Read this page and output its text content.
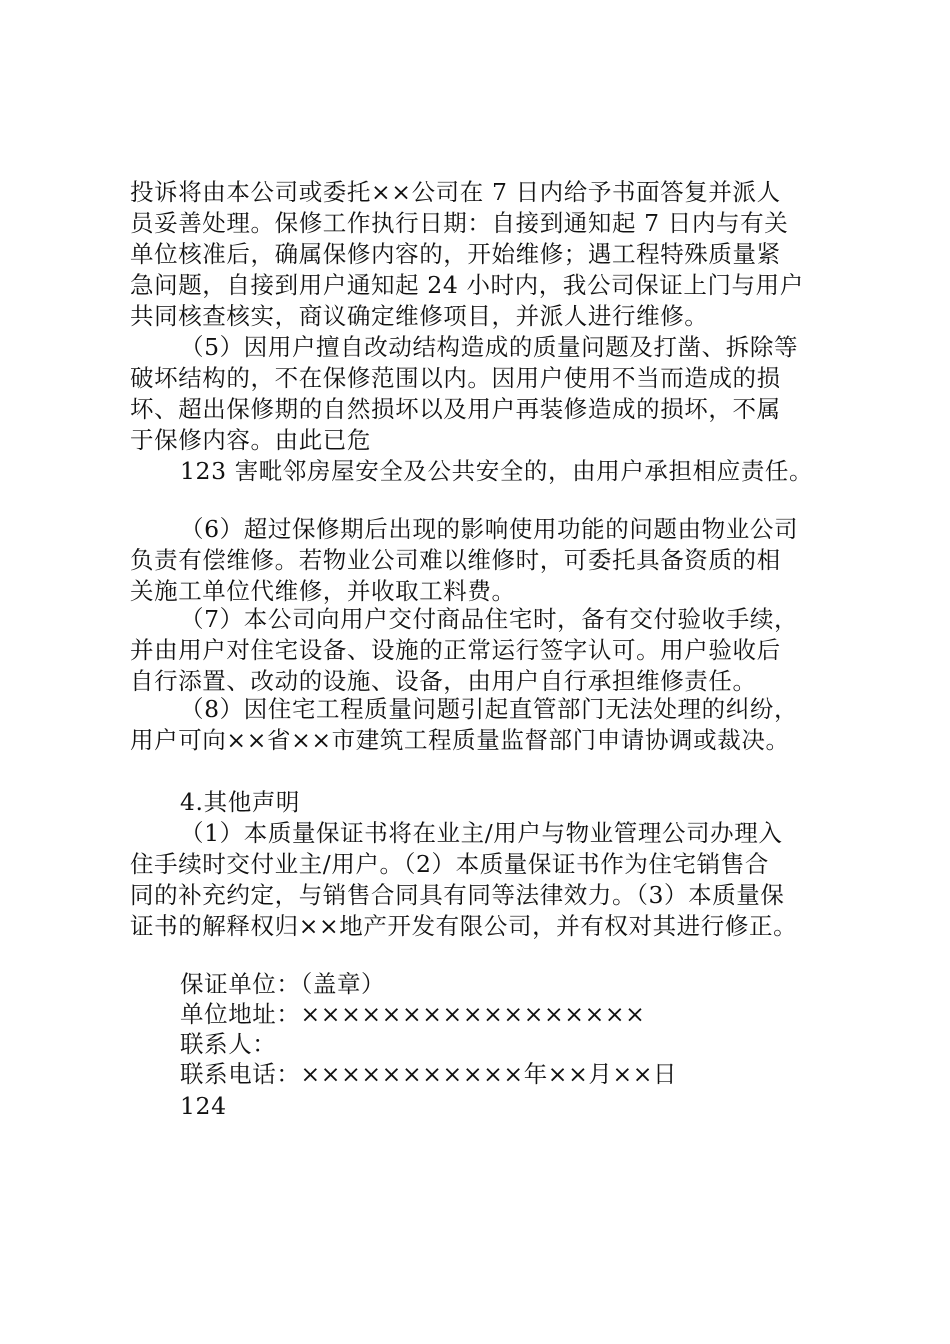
投诉将由本公司或委托××公司在 7 日内给予书面答复并派人
员妥善处理。保修工作执行日期：自接到通知起 7 日内与有关
单位核准后，确属保修内容的，开始维修；遇工程特殊质量紧
急问题，自接到用户通知起 24 小时内，我公司保证上门与用户
共同核查核实，商议确定维修项目，并派人进行维修。
（5）因用户擅自改动结构造成的质量问题及打凿、拆除等
破坏结构的，不在保修范围以内。因用户使用不当而造成的损
坏、超出保修期的自然损坏以及用户再装修造成的损坏，不属
于保修内容。由此已危
123 害毗邻房屋安全及公共安全的，由用户承担相应责任。
（6）超过保修期后出现的影响使用功能的问题由物业公司
负责有偿维修。若物业公司难以维修时，可委托具备资质的相
关施工单位代维修，并收取工料费。
（7）本公司向用户交付商品住宅时，备有交付验收手续，
并由用户对住宅设备、设施的正常运行签字认可。用户验收后
自行添置、改动的设施、设备，由用户自行承担维修责任。
（8）因住宅工程质量问题引起直管部门无法处理的纠纷，
用户可向××省××市建筑工程质量监督部门申请协调或裁决。
4.其他声明
（1）本质量保证书将在业主/用户与物业管理公司办理入
住手续时交付业主/用户。（2）本质量保证书作为住宅销售合
同的补充约定，与销售合同具有同等法律效力。（3）本质量保
证书的解释权归××地产开发有限公司，并有权对其进行修正。
保证单位：（盖章）
单位地址：×××××××××××××××××
联系人：
联系电话：×××××××××××年××月××日
124
